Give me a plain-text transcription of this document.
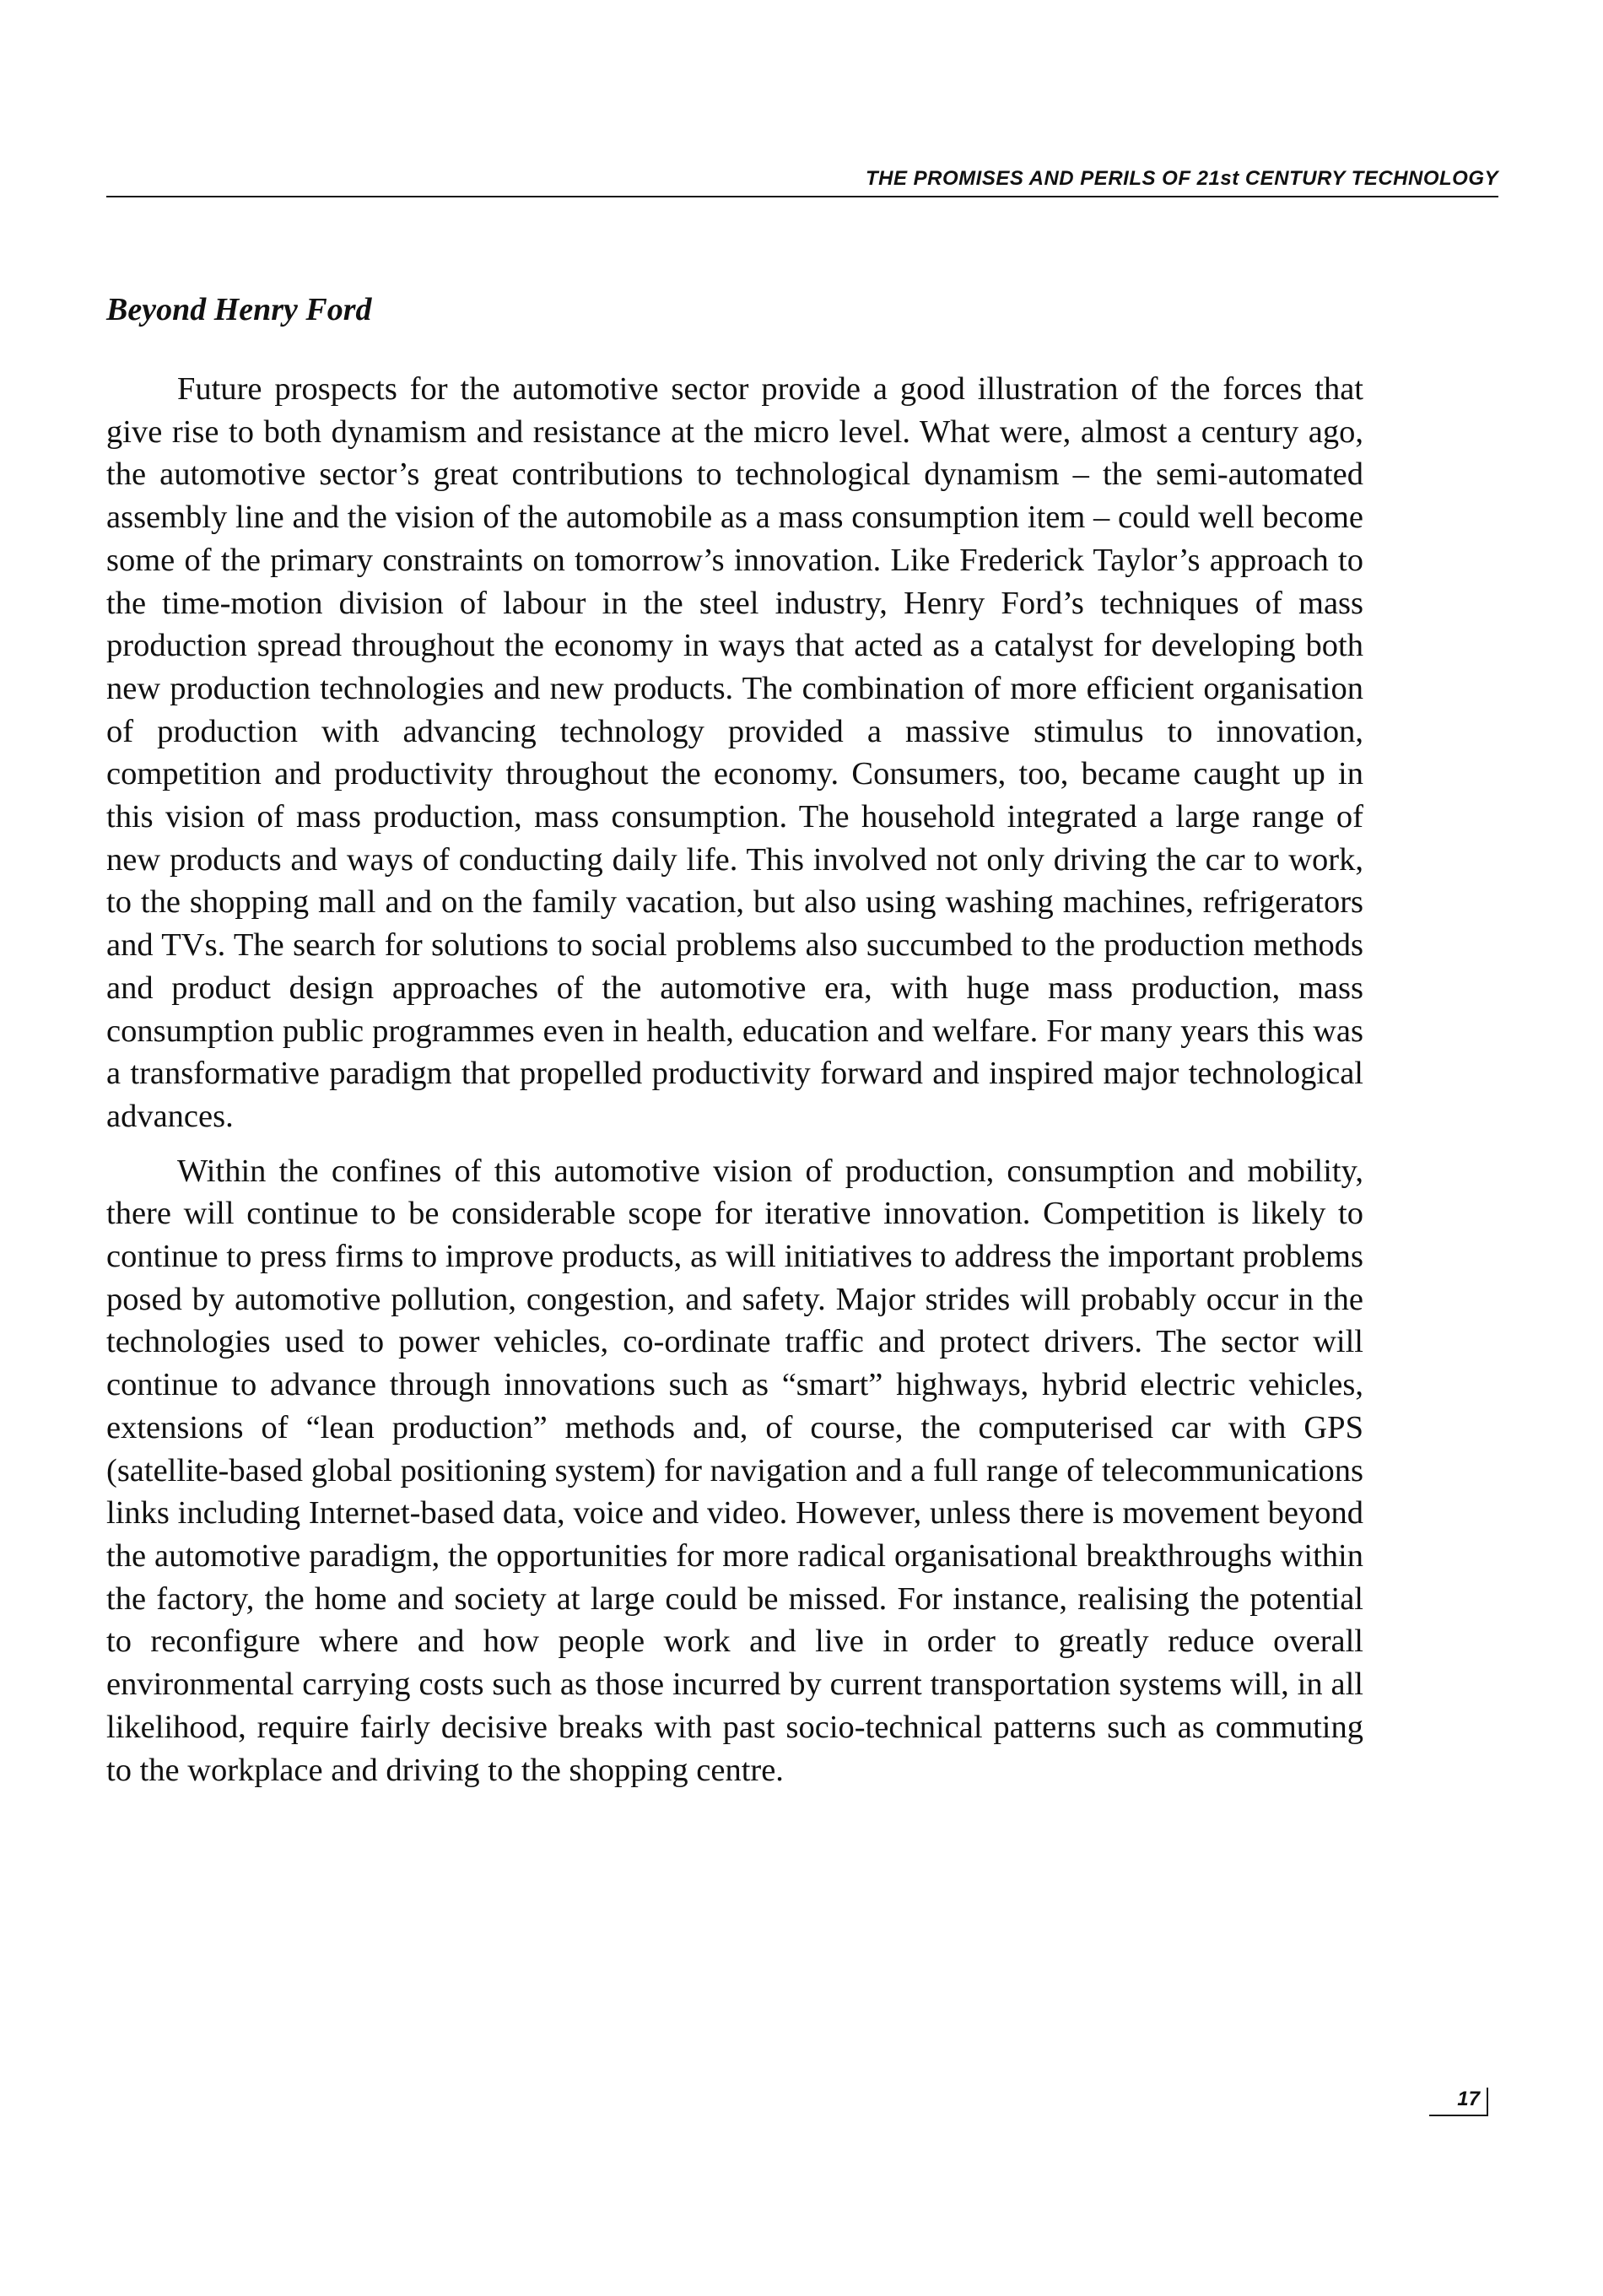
THE PROMISES AND PERILS OF 21st CENTURY TECHNOLOGY
Beyond Henry Ford

Future prospects for the automotive sector provide a good illustration of the forces that give rise to both dynamism and resistance at the micro level. What were, almost a century ago, the automotive sector’s great contributions to technological dynamism – the semi-automated assembly line and the vision of the automobile as a mass consumption item – could well become some of the primary constraints on tomorrow’s innovation. Like Frederick Taylor’s approach to the time-motion division of labour in the steel industry, Henry Ford’s techniques of mass production spread throughout the economy in ways that acted as a catalyst for developing both new production technologies and new products. The combination of more efficient organisation of production with advancing technology provided a massive stimulus to innovation, competition and productivity throughout the economy. Consumers, too, became caught up in this vision of mass production, mass consumption. The household integrated a large range of new products and ways of conducting daily life. This involved not only driving the car to work, to the shopping mall and on the family vacation, but also using washing machines, refrigerators and TVs. The search for solutions to social problems also succumbed to the production methods and product design approaches of the automotive era, with huge mass production, mass consumption public programmes even in health, education and welfare. For many years this was a transformative paradigm that propelled productivity forward and inspired major technological advances.

Within the confines of this automotive vision of production, consumption and mobility, there will continue to be considerable scope for iterative innovation. Competition is likely to continue to press firms to improve products, as will initiatives to address the important problems posed by automotive pollution, congestion, and safety. Major strides will probably occur in the technologies used to power vehicles, co-ordinate traffic and protect drivers. The sector will continue to advance through innovations such as “smart” highways, hybrid electric vehicles, extensions of “lean production” methods and, of course, the computerised car with GPS (satellite-based global positioning system) for navigation and a full range of telecommunications links including Internet-based data, voice and video. However, unless there is movement beyond the automotive paradigm, the opportunities for more radical organisational breakthroughs within the factory, the home and society at large could be missed. For instance, realising the potential to reconfigure where and how people work and live in order to greatly reduce overall environmental carrying costs such as those incurred by current transportation systems will, in all likelihood, require fairly decisive breaks with past socio-technical patterns such as commuting to the workplace and driving to the shopping centre.

17
